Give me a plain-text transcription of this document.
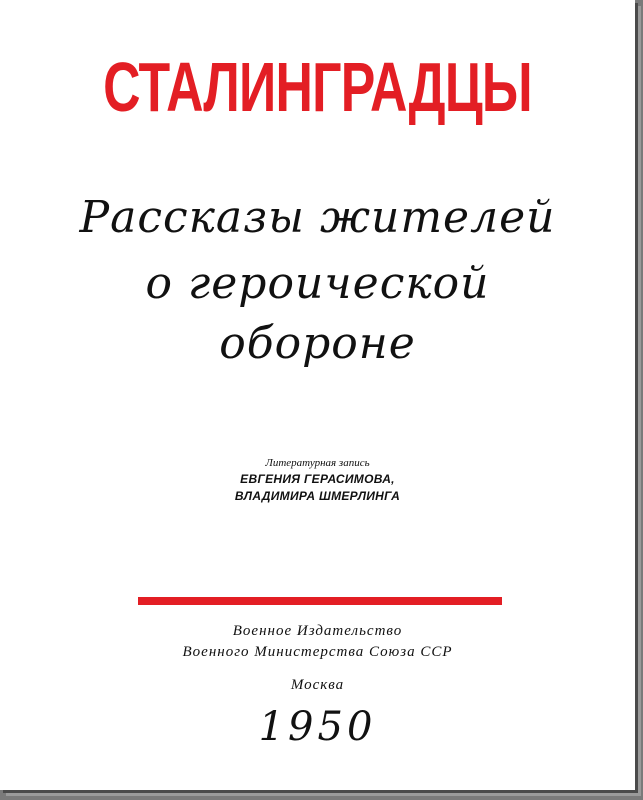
СТАЛИНГРАДЦЫ
Рассказы жителей
о героической
обороне
Литературная запись
ЕВГЕНИЯ ГЕРАСИМОВА,
ВЛАДИМИРА ШМЕРЛИНГА
Военное Издательство
Военного Министерства Союза ССР
Москва
1950
